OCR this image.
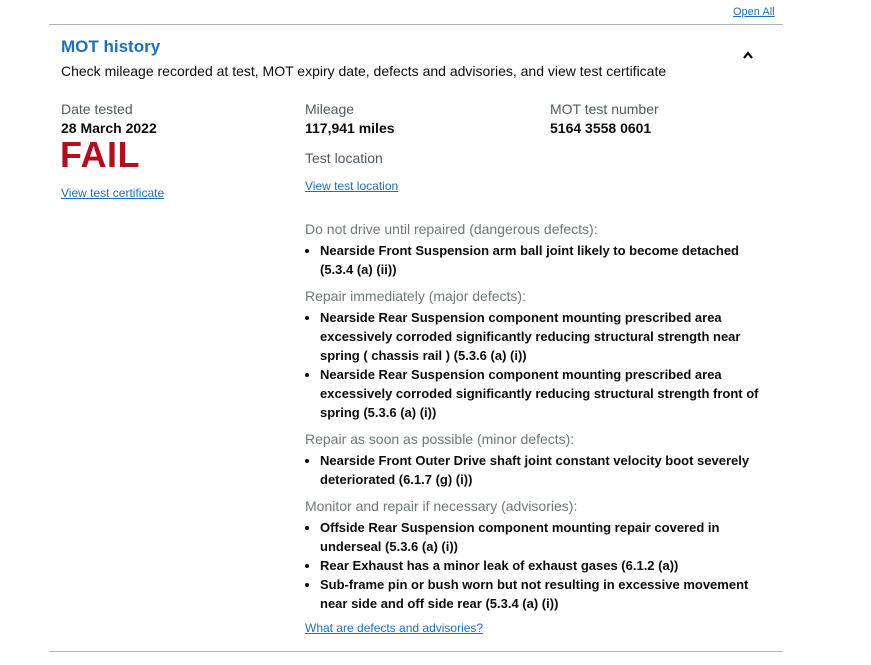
Open All
MOT history
Check mileage recorded at test, MOT expiry date, defects and advisories, and view test certificate
Date tested
28 March 2022
FAIL
View test certificate
Mileage
117,941 miles
Test location
View test location
MOT test number
5164 3558 0601
Do not drive until repaired (dangerous defects):
• Nearside Front Suspension arm ball joint likely to become detached (5.3.4 (a) (ii))
Repair immediately (major defects):
• Nearside Rear Suspension component mounting prescribed area excessively corroded significantly reducing structural strength near spring ( chassis rail ) (5.3.6 (a) (i))
• Nearside Rear Suspension component mounting prescribed area excessively corroded significantly reducing structural strength front of spring (5.3.6 (a) (i))
Repair as soon as possible (minor defects):
• Nearside Front Outer Drive shaft joint constant velocity boot severely deteriorated (6.1.7 (g) (i))
Monitor and repair if necessary (advisories):
• Offside Rear Suspension component mounting repair covered in underseal (5.3.6 (a) (i))
• Rear Exhaust has a minor leak of exhaust gases (6.1.2 (a))
• Sub-frame pin or bush worn but not resulting in excessive movement near side and off side rear (5.3.4 (a) (i))
What are defects and advisories?
